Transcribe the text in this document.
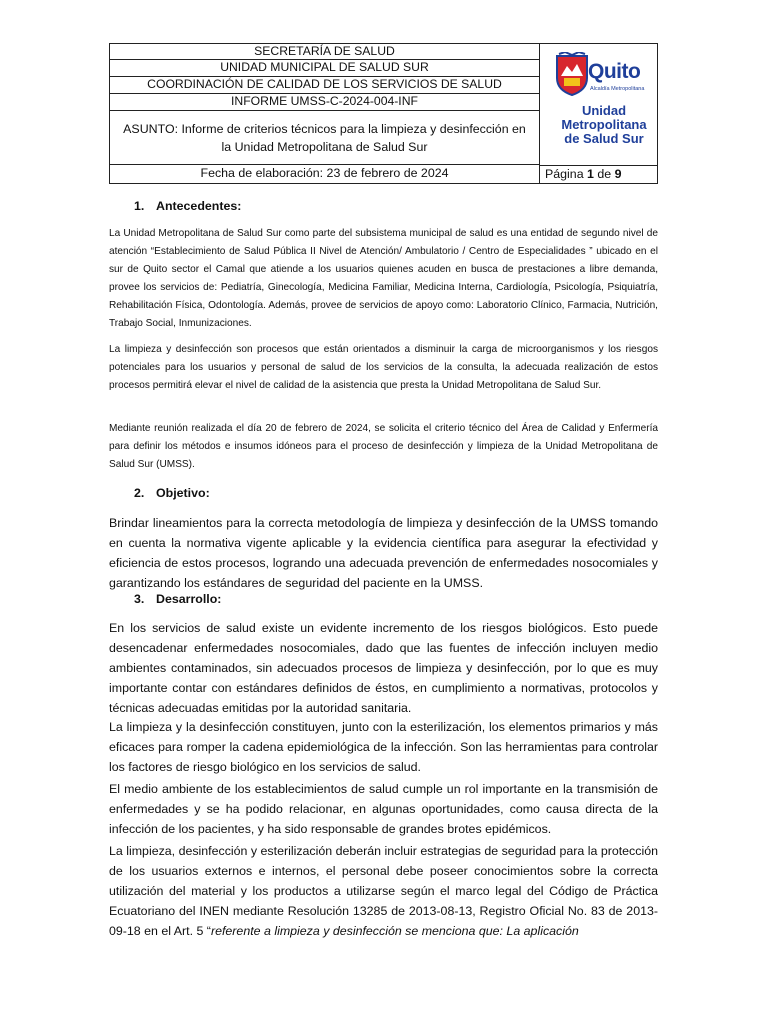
SECRETARÍA DE SALUD
UNIDAD MUNICIPAL DE SALUD SUR
COORDINACIÓN DE CALIDAD DE LOS SERVICIOS DE SALUD
INFORME UMSS-C-2024-004-INF
ASUNTO: Informe de criterios técnicos para la limpieza y desinfección en la Unidad Metropolitana de Salud Sur
Fecha de elaboración: 23 de febrero de 2024
Quito
Alcaldía Metropolitana
Unidad Metropolitana de Salud Sur
Página 1 de 9
1. Antecedentes:
La Unidad Metropolitana de Salud Sur como parte del subsistema municipal de salud es una entidad de segundo nivel de atención “Establecimiento de Salud Pública II Nivel de Atención/ Ambulatorio / Centro de Especialidades ” ubicado en el sur de Quito sector el Camal que atiende a los usuarios quienes acuden en busca de prestaciones a libre demanda, provee los servicios de: Pediatría, Ginecología, Medicina Familiar, Medicina Interna, Cardiología, Psicología, Psiquiatría, Rehabilitación Física, Odontología. Además, provee de servicios de apoyo como: Laboratorio Clínico, Farmacia, Nutrición, Trabajo Social, Inmunizaciones.
La limpieza y desinfección son procesos que están orientados a disminuir la carga de microorganismos y los riesgos potenciales para los usuarios y personal de salud de los servicios de la consulta, la adecuada realización de estos procesos permitirá elevar el nivel de calidad de la asistencia que presta la Unidad Metropolitana de Salud Sur.
Mediante reunión realizada el día 20 de febrero de 2024, se solicita el criterio técnico del Área de Calidad y Enfermería para definir los métodos e insumos idóneos para el proceso de desinfección y limpieza de la Unidad Metropolitana de Salud Sur (UMSS).
2. Objetivo:
Brindar lineamientos para la correcta metodología de limpieza y desinfección de la UMSS tomando en cuenta la normativa vigente aplicable y la evidencia científica para asegurar la efectividad y eficiencia de estos procesos, logrando una adecuada prevención de enfermedades nosocomiales y garantizando los estándares de seguridad del paciente en la UMSS.
3. Desarrollo:
En los servicios de salud existe un evidente incremento de los riesgos biológicos. Esto puede desencadenar enfermedades nosocomiales, dado que las fuentes de infección incluyen medio ambientes contaminados, sin adecuados procesos de limpieza y desinfección, por lo que es muy importante contar con estándares definidos de éstos, en cumplimiento a normativas, protocolos y técnicas adecuadas emitidas por la autoridad sanitaria.
La limpieza y la desinfección constituyen, junto con la esterilización, los elementos primarios y más eficaces para romper la cadena epidemiológica de la infección. Son las herramientas para controlar los factores de riesgo biológico en los servicios de salud.
El medio ambiente de los establecimientos de salud cumple un rol importante en la transmisión de enfermedades y se ha podido relacionar, en algunas oportunidades, como causa directa de la infección de los pacientes, y ha sido responsable de grandes brotes epidémicos.
La limpieza, desinfección y esterilización deberán incluir estrategias de seguridad para la protección de los usuarios externos e internos, el personal debe poseer conocimientos sobre la correcta utilización del material y los productos a utilizarse según el marco legal del Código de Práctica Ecuatoriano del INEN mediante Resolución 13285 de 2013-08-13, Registro Oficial No. 83 de 2013-09-18 en el Art. 5 “referente a limpieza y desinfección se menciona que: La aplicación
